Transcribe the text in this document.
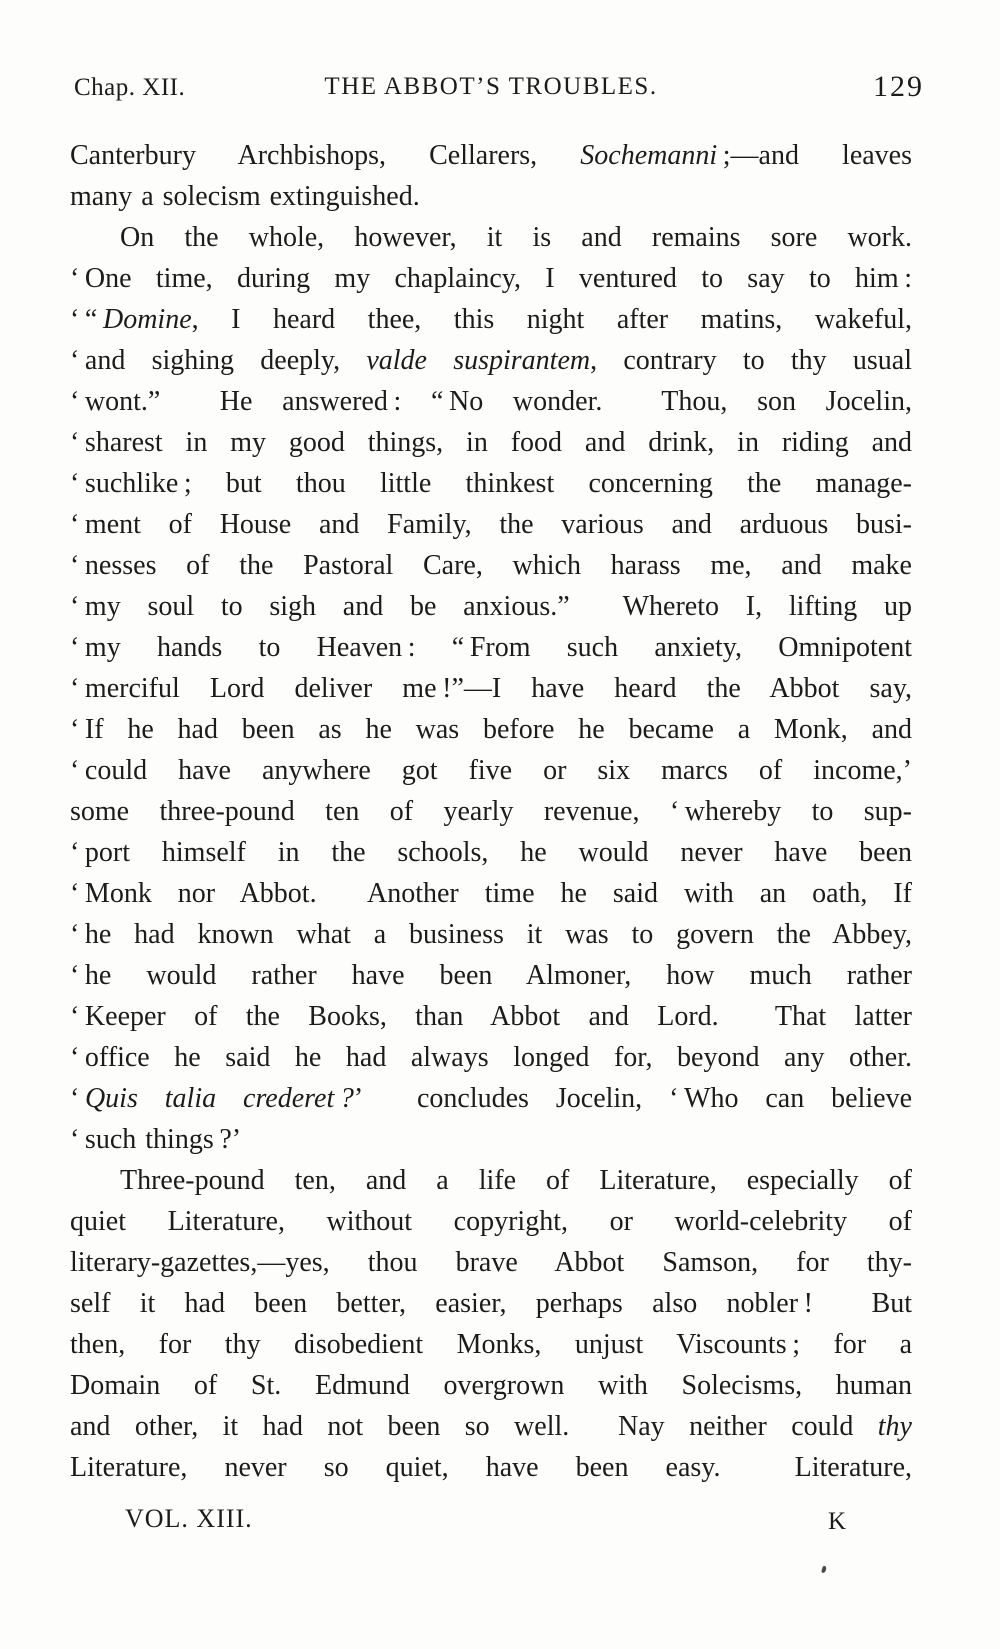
Chap. XII.	THE ABBOT’S TROUBLES.	129
Canterbury Archbishops, Cellarers, Sochemanni ;—and leaves
many a solecism extinguished.
On the whole, however, it is and remains sore work.
‘ One time, during my chaplaincy, I ventured to say to him :
‘ “ Domine, I heard thee, this night after matins, wakeful,
‘ and sighing deeply, valde suspirantem, contrary to thy usual
‘ wont.”  He answered : “ No wonder.  Thou, son Jocelin,
‘ sharest in my good things, in food and drink, in riding and
‘ suchlike ; but thou little thinkest concerning the manage-
‘ ment of House and Family, the various and arduous busi-
‘ nesses of the Pastoral Care, which harass me, and make
‘ my soul to sigh and be anxious.”  Whereto I, lifting up
‘ my hands to Heaven : “ From such anxiety, Omnipotent
‘ merciful Lord deliver me !”—I have heard the Abbot say,
‘ If he had been as he was before he became a Monk, and
‘ could have anywhere got five or six marcs of income,’
some three-pound ten of yearly revenue, ‘ whereby to sup-
‘ port himself in the schools, he would never have been
‘ Monk nor Abbot.  Another time he said with an oath, If
‘ he had known what a business it was to govern the Abbey,
‘ he would rather have been Almoner, how much rather
‘ Keeper of the Books, than Abbot and Lord.  That latter
‘ office he said he had always longed for, beyond any other.
‘ Quis talia crederet ?’  concludes Jocelin, ‘ Who can believe
‘ such things ?’
Three-pound ten, and a life of Literature, especially of
quiet Literature, without copyright, or world-celebrity of
literary-gazettes,—yes, thou brave Abbot Samson, for thy-
self it had been better, easier, perhaps also nobler !  But
then, for thy disobedient Monks, unjust Viscounts ; for a
Domain of St. Edmund overgrown with Solecisms, human
and other, it had not been so well.  Nay neither could thy
Literature, never so quiet, have been easy.  Literature,
VOL. XIII.	K
